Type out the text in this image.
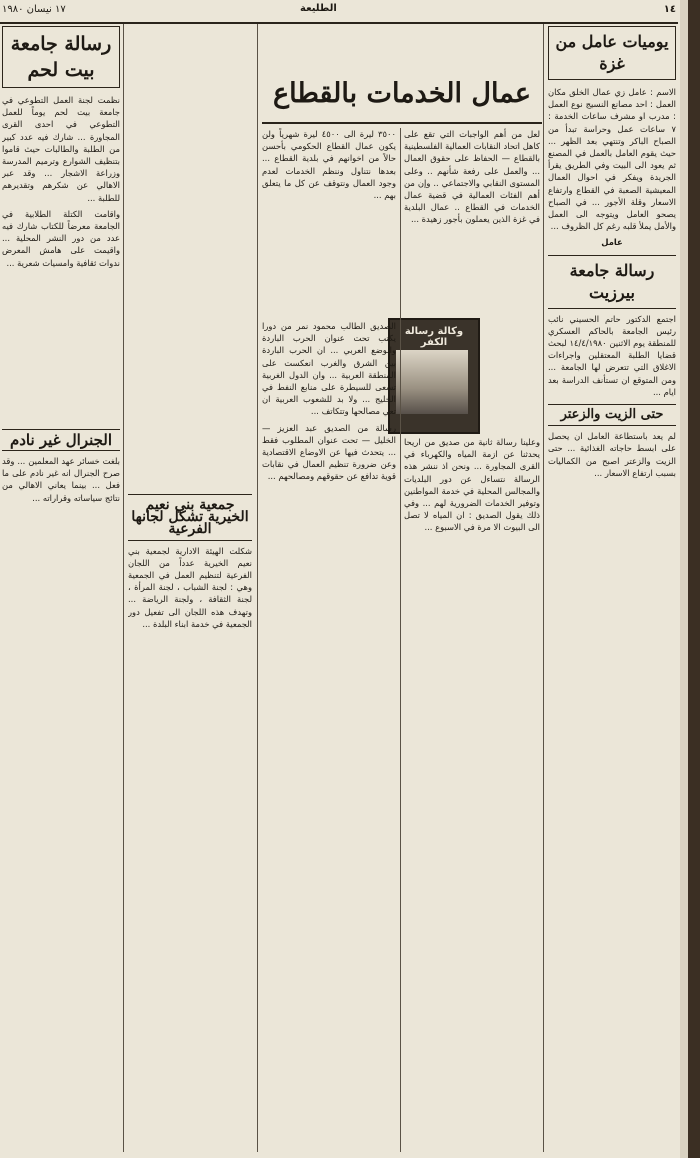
١٤
الطليعة
١٧ نيسان ١٩٨٠
يوميات عامل من غزة

الاسم : عامل زي عمال الخلق مكان العمل : احد مصانع النسيج نوع العمل : مدرب او مشرف ساعات الخدمة : ٧ ساعات عمل وحراسة تبدأ من الصباح الباكر وتنتهي بعد الظهر ... حيث يقوم العامل بالعمل في المصنع ثم يعود الى البيت وفي الطريق يقرأ الجريدة ويفكر في احوال العمال المعيشية الصعبة في القطاع وارتفاع الاسعار وقلة الأجور ... في الصباح يصحو العامل ويتوجه الى العمل والأمل يملأ قلبه رغم كل الظروف ...

عامل
رسالة جامعة بيرزيت

اجتمع الدكتور حاتم الحسيني نائب رئيس الجامعة بالحاكم العسكري للمنطقة يوم الاثنين ١٤/٤/١٩٨٠ لبحث قضايا الطلبة المعتقلين واجراءات الاغلاق التي تتعرض لها الجامعة ... ومن المتوقع ان تستأنف الدراسة بعد ايام ...

حتى الزيت والزعتر

لم يعد باستطاعة العامل ان يحصل على ابسط حاجاته الغذائية ... حتى الزيت والزعتر اصبح من الكماليات بسبب ارتفاع الاسعار ...

عمال الخدمات بالقطاع
لعل من أهم الواجبات التي تقع على كاهل اتحاد النقابات العمالية الفلسطينية بالقطاع — الحفاظ على حقوق العمال ... والعمل على رفعة شأنهم .. وعلى المستوى النقابي والاجتماعي .. وإن من أهم الفئات العمالية في قضية عمال الخدمات في القطاع .. عمال البلدية في غزة الذين يعملون بأجور زهيدة ...
٣٥٠٠ ليرة الى ٤٥٠٠ ليرة شهرياً ولن يكون عمال القطاع الحكومي بأحسن حالاً من اخوانهم في بلدية القطاع ... بعدها نتناول وننظم الخدمات لعدم وجود العمال ونتوقف عن كل ما يتعلق بهم ...
وكالة رسالة الكفر

وعلينا رسالة ثانية من صديق من اريحا يحدثنا عن ازمة المياه والكهرباء في القرى المجاورة ... ونحن اذ ننشر هذه الرسالة نتساءل عن دور البلديات والمجالس المحلية في خدمة المواطنين وتوفير الخدمات الضرورية لهم ... وفي ذلك يقول الصديق : ان المياه لا تصل الى البيوت الا مرة في الاسبوع ...

الصديق الطالب محمود نمر من دورا يكتب تحت عنوان الحرب الباردة والوضع العربي ... ان الحرب الباردة بين الشرق والغرب انعكست على المنطقة العربية ... وان الدول الغربية تسعى للسيطرة على منابع النفط في الخليج ... ولا بد للشعوب العربية ان تعي مصالحها وتتكاتف ...

رسالة من الصديق عبد العزيز — الخليل — تحت عنوان المطلوب فقط ... يتحدث فيها عن الاوضاع الاقتصادية وعن ضرورة تنظيم العمال في نقابات قوية تدافع عن حقوقهم ومصالحهم ...

جمعية بني نعيم الخيرية تشكل لجانها الفرعية

شكلت الهيئة الادارية لجمعية بني نعيم الخيرية عدداً من اللجان الفرعية لتنظيم العمل في الجمعية وهي : لجنة الشباب ، لجنة المرأة ، لجنة الثقافة ، ولجنة الرياضة ... وتهدف هذه اللجان الى تفعيل دور الجمعية في خدمة ابناء البلدة ...

رسالة جامعة بيت لحم

نظمت لجنة العمل التطوعي في جامعة بيت لحم يوماً للعمل التطوعي في احدى القرى المجاورة ... شارك فيه عدد كبير من الطلبة والطالبات حيث قاموا بتنظيف الشوارع وترميم المدرسة وزراعة الاشجار ... وقد عبر الاهالي عن شكرهم وتقديرهم للطلبة ...

واقامت الكتلة الطلابية في الجامعة معرضاً للكتاب شارك فيه عدد من دور النشر المحلية ... واقيمت على هامش المعرض ندوات ثقافية وامسيات شعرية ...

الجنرال غير نادم

بلغت خسائر عهد المعلمين ... وقد صرح الجنرال انه غير نادم على ما فعل ... بينما يعاني الاهالي من نتائج سياساته وقراراته ...
